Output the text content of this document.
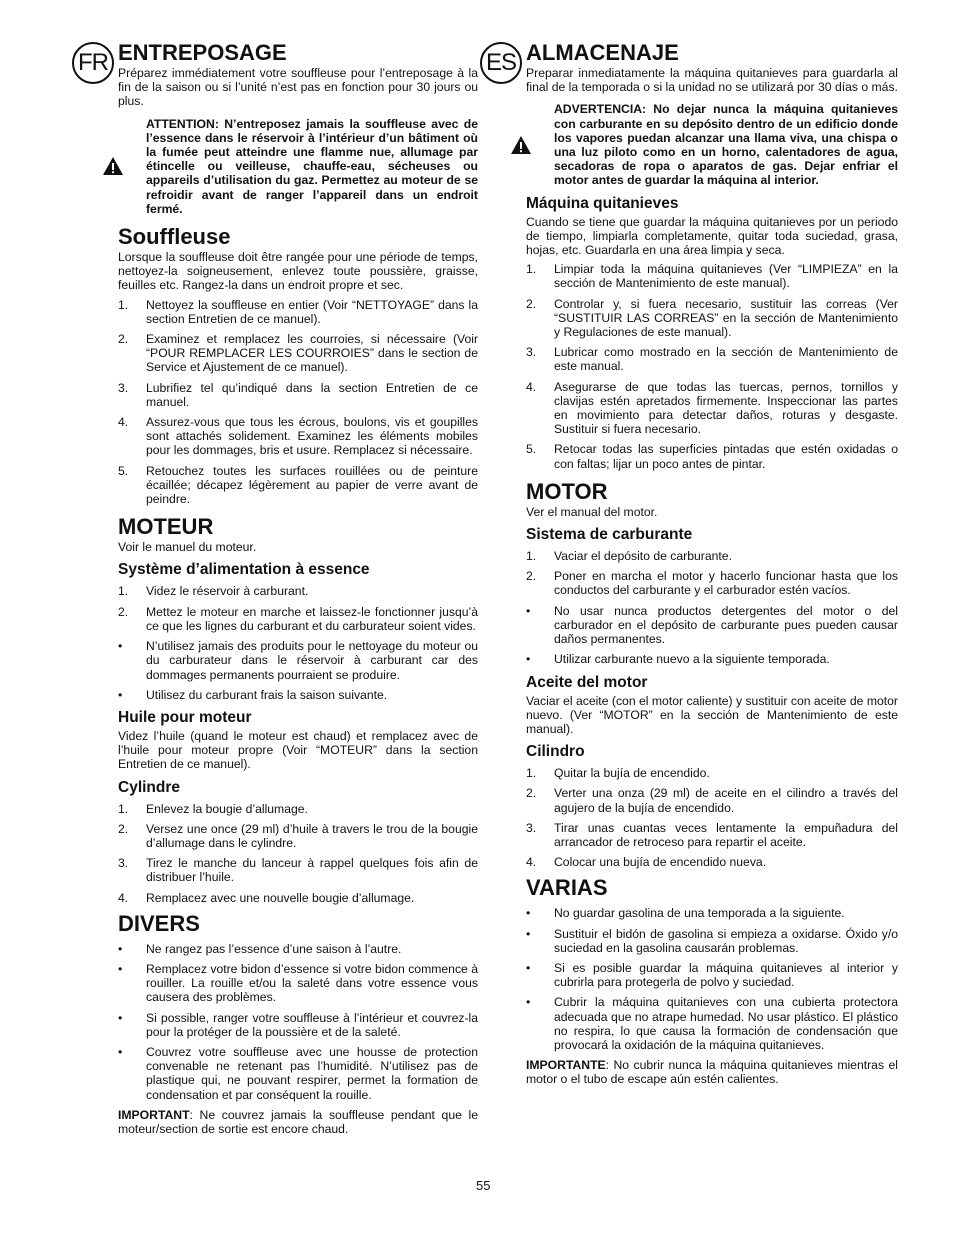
FR	ES
ENTREPOSAGE

Préparez immédiatement votre souffleuse pour l’entreposage à la fin de la saison ou si l’unité n’est pas en fonction pour 30 jours ou plus.

ATTENTION: N’entreposez jamais la souffleuse avec de l’essence dans le réservoir à l’intérieur d’un bâtiment où la fumée peut atteindre une flamme nue, allumage par étincelle ou veilleuse, chauffe-eau, sécheuses ou appareils d’utilisation du gaz. Permettez au moteur de se refroidir avant de ranger l’appareil dans un endroit fermé.

Souffleuse

Lorsque la souffleuse doit être rangée pour une période de temps, nettoyez-la soigneusement, enlevez toute poussière, graisse, feuilles etc. Rangez-la dans un endroit propre et sec.

1. Nettoyez la souffleuse en entier (Voir “NETTOYAGE” dans la section Entretien de ce manuel).
2. Examinez et remplacez les courroies, si nécessaire (Voir “POUR REMPLACER LES COURROIES” dans le section de Service et Ajustement de ce manuel).
3. Lubrifiez tel qu’indiqué dans la section Entretien de ce manuel.
4. Assurez-vous que tous les écrous, boulons, vis et goupilles sont attachés solidement. Examinez les éléments mobiles pour les dommages, bris et usure. Remplacez si nécessaire.
5. Retouchez toutes les surfaces rouillées ou de peinture écaillée; décapez légèrement au papier de verre avant de peindre.
MOTEUR

Voir le manuel du moteur.

Système d’alimentation à essence
1. Videz le réservoir à carburant.
2. Mettez le moteur en marche et laissez-le fonctionner jusqu’à ce que les lignes du carburant et du carburateur soient vides.
• N’utilisez jamais des produits pour le nettoyage du moteur ou du carburateur dans le réservoir à carburant car des dommages permanents pourraient se produire.
• Utilisez du carburant frais la saison suivante.
Huile pour moteur

Videz l’huile (quand le moteur est chaud) et remplacez avec de l’huile pour moteur propre (Voir “MOTEUR” dans la section Entretien de ce manuel).

Cylindre
1. Enlevez la bougie d’allumage.
2. Versez une once (29 ml) d’huile à travers le trou de la bougie d’allumage dans le cylindre.
3. Tirez le manche du lanceur à rappel quelques fois afin de distribuer l’huile.
4. Remplacez avec une nouvelle bougie d’allumage.
DIVERS
• Ne rangez pas l’essence d’une saison à l’autre.
• Remplacez votre bidon d’essence si votre bidon commence à rouiller. La rouille et/ou la saleté dans votre essence vous causera des problèmes.
• Si possible, ranger votre souffleuse à l’intérieur et couvrez-la pour la protéger de la poussière et de la saleté.
• Couvrez votre souffleuse avec une housse de protection convenable ne retenant pas l’humidité. N’utilisez pas de plastique qui, ne pouvant respirer, permet la formation de condensation et par conséquent la rouille.

IMPORTANT: Ne couvrez jamais la souffleuse pendant que le moteur/section de sortie est encore chaud.

ALMACENAJE

Preparar inmediatamente la máquina quitanieves para guardarla al final de la temporada o si la unidad no se utilizará por 30 días o más.

ADVERTENCIA: No dejar nunca la máquina quitanieves con carburante en su depósito dentro de un edificio donde los vapores puedan alcanzar una llama viva, una chispa o una luz piloto como en un horno, calentadores de agua, secadoras de ropa o aparatos de gas. Dejar enfriar el motor antes de guardar la máquina al interior.

Máquina quitanieves

Cuando se tiene que guardar la máquina quitanieves por un periodo de tiempo, limpiarla completamente, quitar toda suciedad, grasa, hojas, etc. Guardarla en una área limpia y seca.

1. Limpiar toda la máquina quitanieves (Ver “LIMPIEZA” en la sección de Mantenimiento de este manual).
2. Controlar y, si fuera necesario, sustituir las correas (Ver “SUSTITUIR LAS CORREAS” en la sección de Mantenimiento y Regulaciones de este manual).
3. Lubricar como mostrado en la sección de Mantenimiento de este manual.
4. Asegurarse de que todas las tuercas, pernos, tornillos y clavijas estén apretados firmemente. Inspeccionar las partes en movimiento para detectar daños, roturas y desgaste. Sustituir si fuera necesario.
5. Retocar todas las superficies pintadas que estén oxidadas o con faltas; lijar un poco antes de pintar.
MOTOR

Ver el manual del motor.

Sistema de carburante
1. Vaciar el depósito de carburante.
2. Poner en marcha el motor y hacerlo funcionar hasta que los conductos del carburante y el carburador estén vacíos.
• No usar nunca productos detergentes del motor o del carburador en el depósito de carburante pues pueden causar daños permanentes.
• Utilizar carburante nuevo a la siguiente temporada.
Aceite del motor

Vaciar el aceite (con el motor caliente) y sustituir con aceite de motor nuevo. (Ver “MOTOR” en la sección de Mantenimiento de este manual).

Cilindro
1. Quitar la bujía de encendido.
2. Verter una onza (29 ml) de aceite en el cilindro a través del agujero de la bujía de encendido.
3. Tirar unas cuantas veces lentamente la empuñadura del arrancador de retroceso para repartir el aceite.
4. Colocar una bujía de encendido nueva.
VARIAS
• No guardar gasolina de una temporada a la siguiente.
• Sustituir el bidón de gasolina si empieza a oxidarse. Óxido y/o suciedad en la gasolina causarán problemas.
• Si es posible guardar la máquina quitanieves al interior y cubrirla para protegerla de polvo y suciedad.
• Cubrir la máquina quitanieves con una cubierta protectora adecuada que no atrape humedad. No usar plástico. El plástico no respira, lo que causa la formación de condensación que provocará la oxidación de la máquina quitanieves.

IMPORTANTE: No cubrir nunca la máquina quitanieves mientras el motor o el tubo de escape aún estén calientes.

55
